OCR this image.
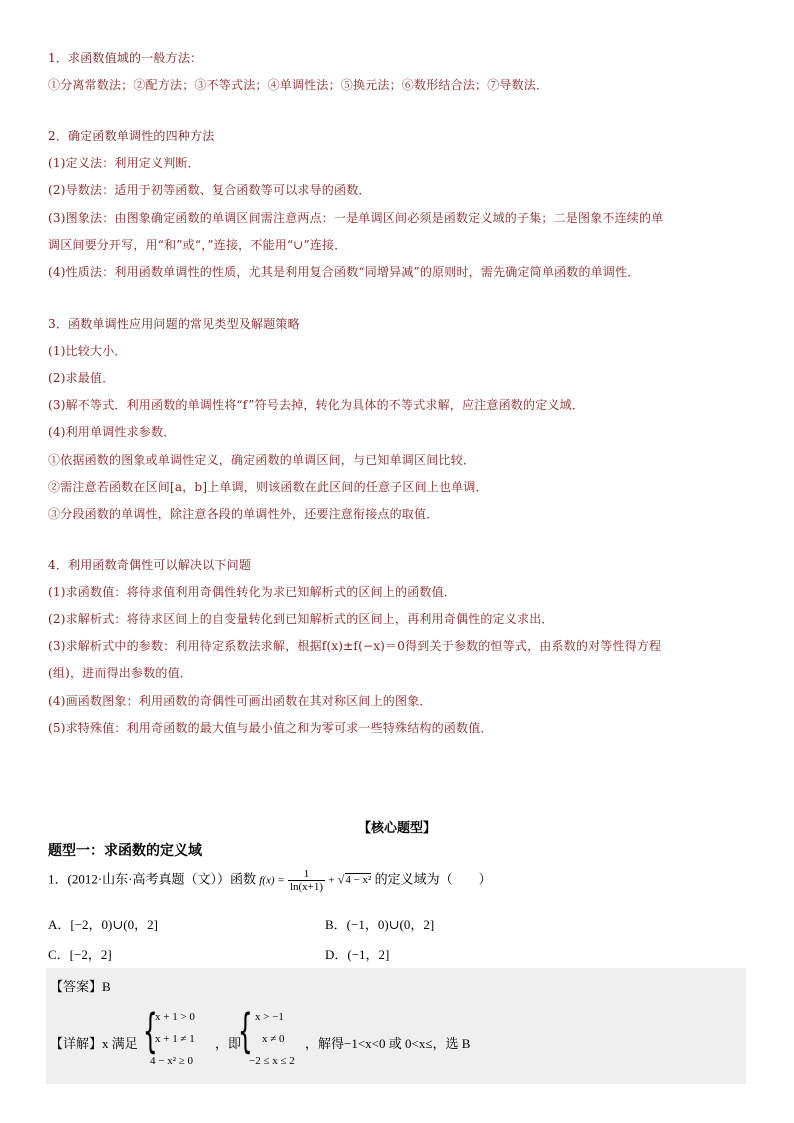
1．求函数值域的一般方法：
①分离常数法；②配方法；③不等式法；④单调性法；⑤换元法；⑥数形结合法；⑦导数法．
2．确定函数单调性的四种方法
(1)定义法：利用定义判断．
(2)导数法：适用于初等函数、复合函数等可以求导的函数．
(3)图象法：由图象确定函数的单调区间需注意两点：一是单调区间必须是函数定义域的子集；二是图象不连续的单
调区间要分开写，用“和”或“，”连接，不能用“∪”连接．
(4)性质法：利用函数单调性的性质，尤其是利用复合函数“同增异减”的原则时，需先确定简单函数的单调性．
3．函数单调性应用问题的常见类型及解题策略
(1)比较大小．
(2)求最值．
(3)解不等式．利用函数的单调性将“f”符号去掉，转化为具体的不等式求解，应注意函数的定义域．
(4)利用单调性求参数．
①依据函数的图象或单调性定义，确定函数的单调区间，与已知单调区间比较．
②需注意若函数在区间[a，b]上单调，则该函数在此区间的任意子区间上也单调．
③分段函数的单调性，除注意各段的单调性外，还要注意衔接点的取值．
4．利用函数奇偶性可以解决以下问题
(1)求函数值：将待求值利用奇偶性转化为求已知解析式的区间上的函数值．
(2)求解析式：将待求区间上的自变量转化到已知解析式的区间上，再利用奇偶性的定义求出．
(3)求解析式中的参数：利用待定系数法求解，根据f(x)±f(−x)＝0得到关于参数的恒等式，由系数的对等性得方程
(组)，进而得出参数的值．
(4)画函数图象：利用函数的奇偶性可画出函数在其对称区间上的图象．
(5)求特殊值：利用奇函数的最大值与最小值之和为零可求一些特殊结构的函数值．
【核心题型】
题型一：求函数的定义域
1．(2012·山东·高考真题（文））函数 $f(x) = \frac{1}{\ln(x+1)} + √4 - x^2$ 的定义域为（　　）
A．[−2，0)∪(0，2]	B．(−1，0)∪(0，2]
C．[−2，2]	D．(−1，2]
【答案】B
【详解】x 满足 {
x + 1 > 0
x + 1 ≠ 1
4 − x² ≥ 0
，即
{ x > −1
x ≠ 0
−2 ≤ x ≤ 2
，解得−1<x<0 或 0<x≤，选 B
